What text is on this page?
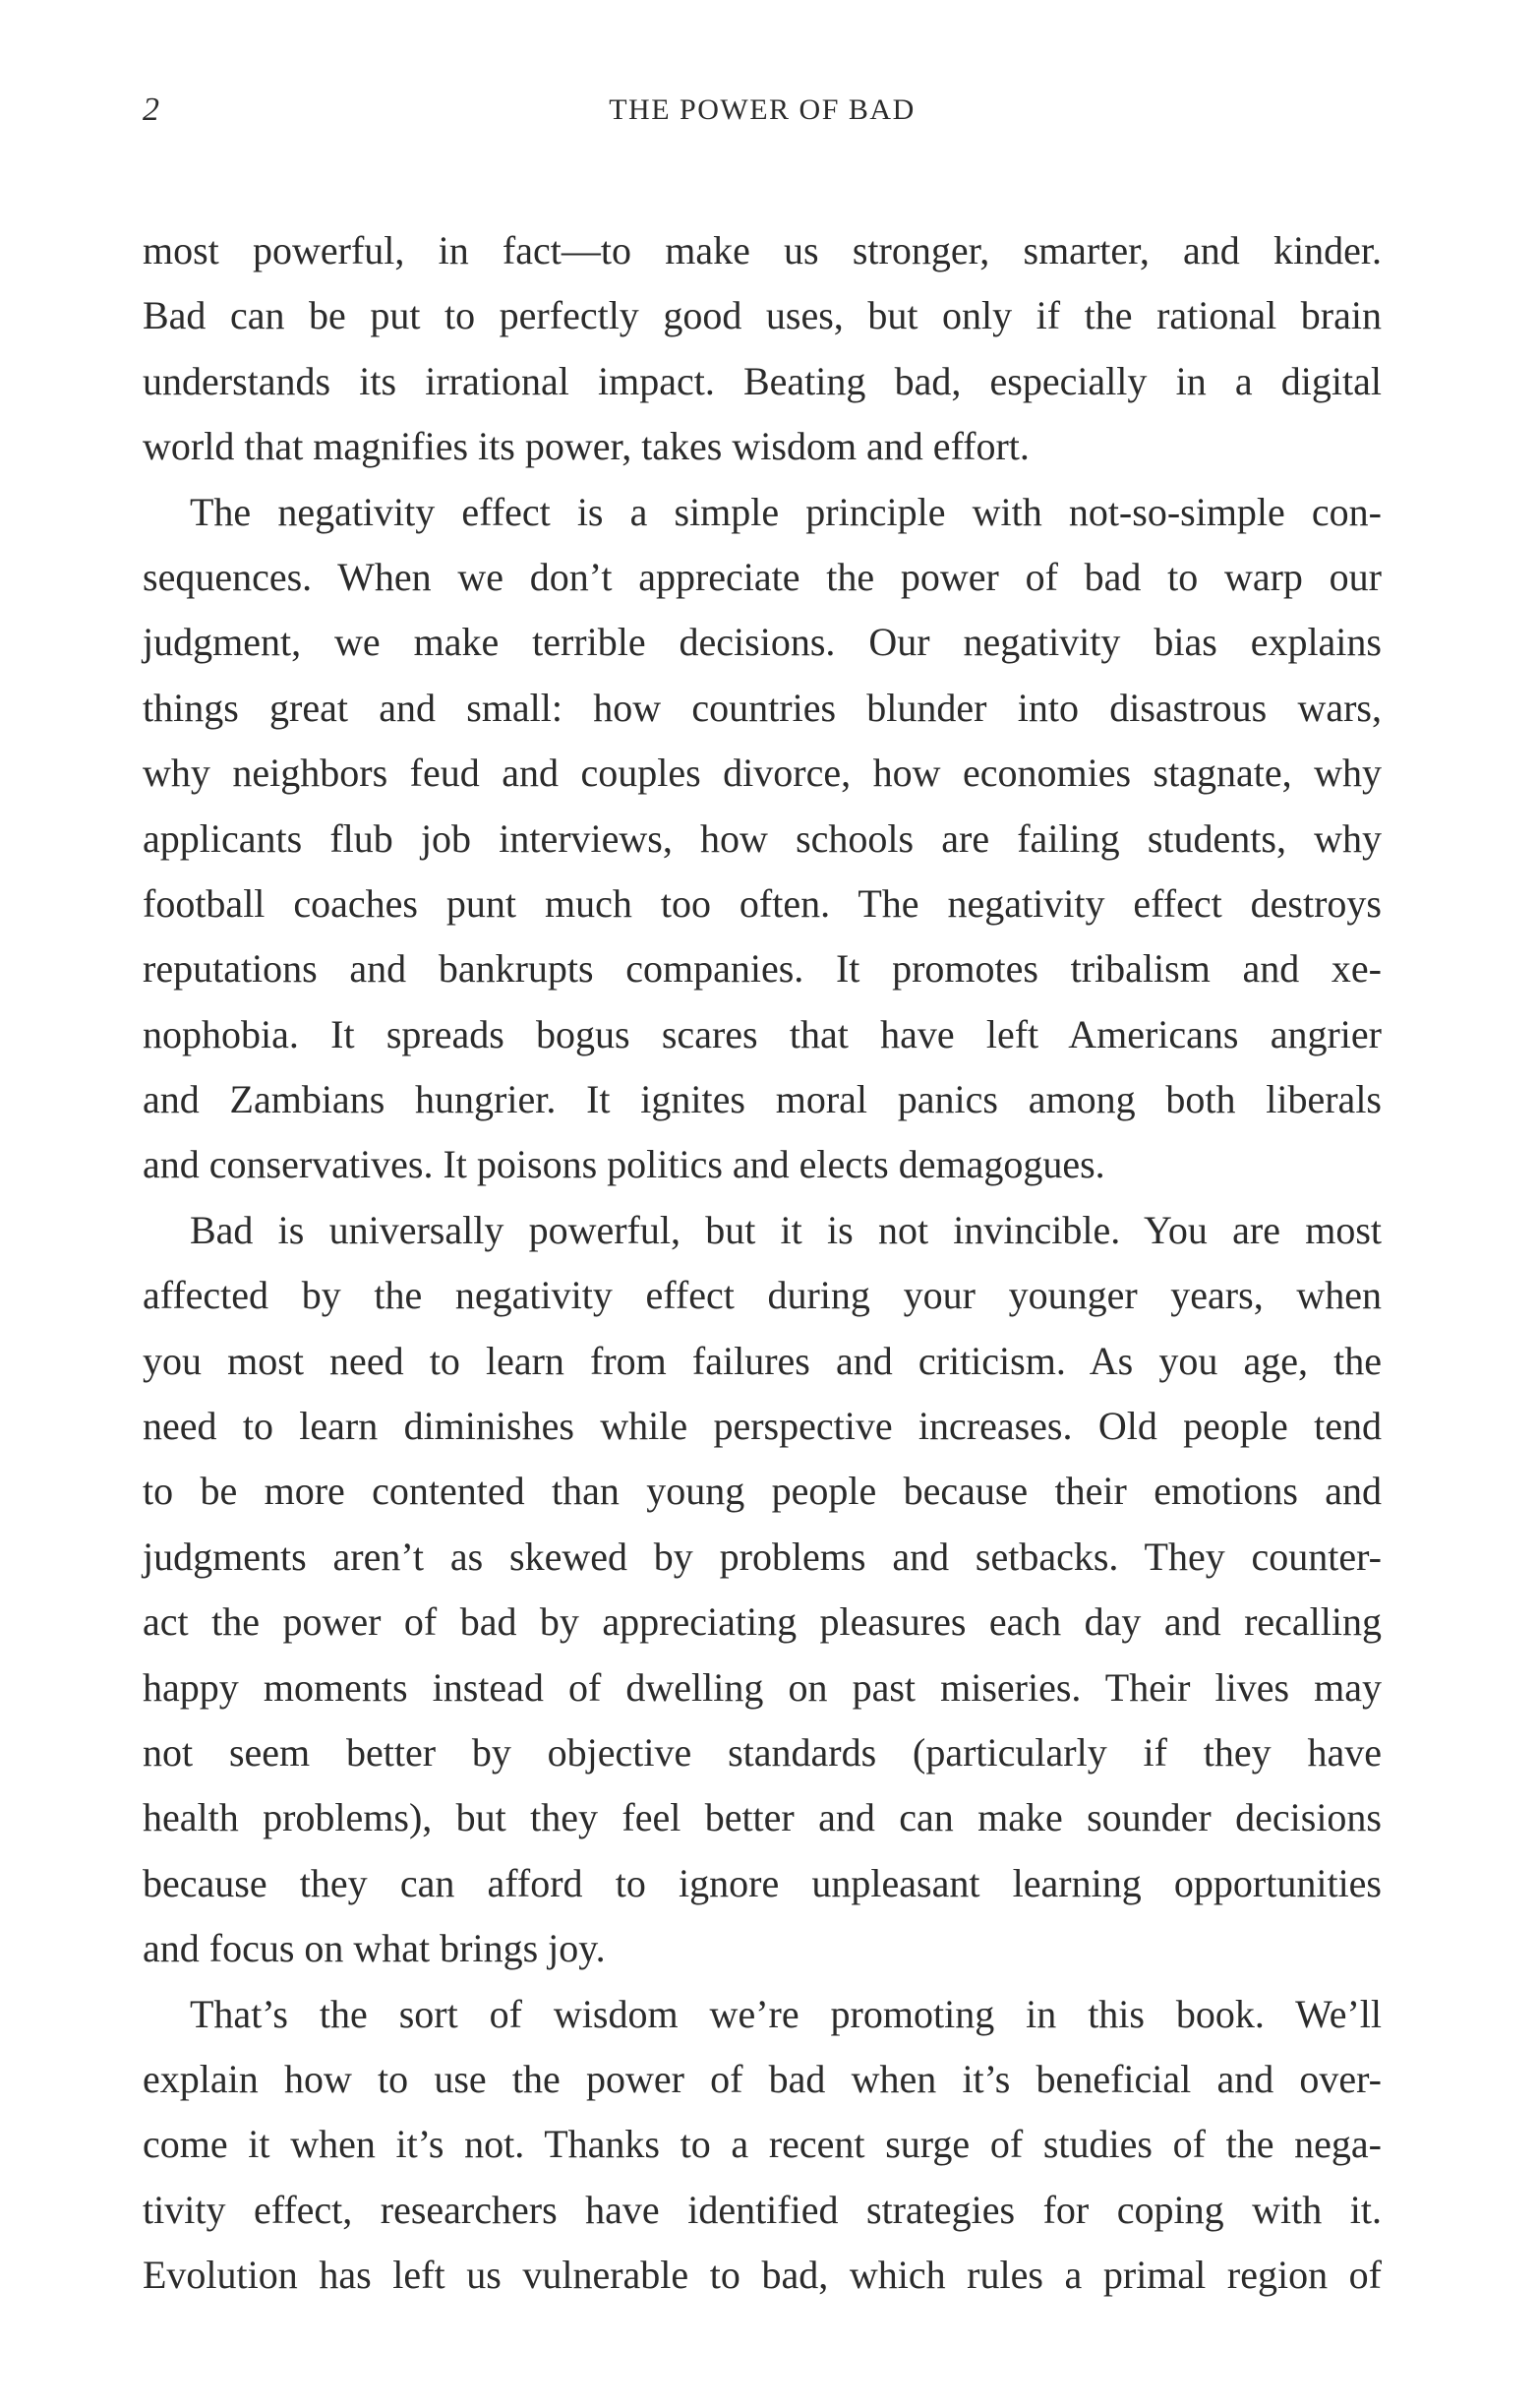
2	THE POWER OF BAD
most powerful, in fact—to make us stronger, smarter, and kinder.
Bad can be put to perfectly good uses, but only if the rational brain
understands its irrational impact. Beating bad, especially in a digital
world that magnifies its power, takes wisdom and effort.
The negativity effect is a simple principle with not-so-simple con-
sequences. When we don’t appreciate the power of bad to warp our
judgment, we make terrible decisions. Our negativity bias explains
things great and small: how countries blunder into disastrous wars,
why neighbors feud and couples divorce, how economies stagnate, why
applicants flub job interviews, how schools are failing students, why
football coaches punt much too often. The negativity effect destroys
reputations and bankrupts companies. It promotes tribalism and xe-
nophobia. It spreads bogus scares that have left Americans angrier
and Zambians hungrier. It ignites moral panics among both liberals
and conservatives. It poisons politics and elects demagogues.
Bad is universally powerful, but it is not invincible. You are most
affected by the negativity effect during your younger years, when
you most need to learn from failures and criticism. As you age, the
need to learn diminishes while perspective increases. Old people tend
to be more contented than young people because their emotions and
judgments aren’t as skewed by problems and setbacks. They counter-
act the power of bad by appreciating pleasures each day and recalling
happy moments instead of dwelling on past miseries. Their lives may
not seem better by objective standards (particularly if they have
health problems), but they feel better and can make sounder decisions
because they can afford to ignore unpleasant learning opportunities
and focus on what brings joy.
That’s the sort of wisdom we’re promoting in this book. We’ll
explain how to use the power of bad when it’s beneficial and over-
come it when it’s not. Thanks to a recent surge of studies of the nega-
tivity effect, researchers have identified strategies for coping with it.
Evolution has left us vulnerable to bad, which rules a primal region of
